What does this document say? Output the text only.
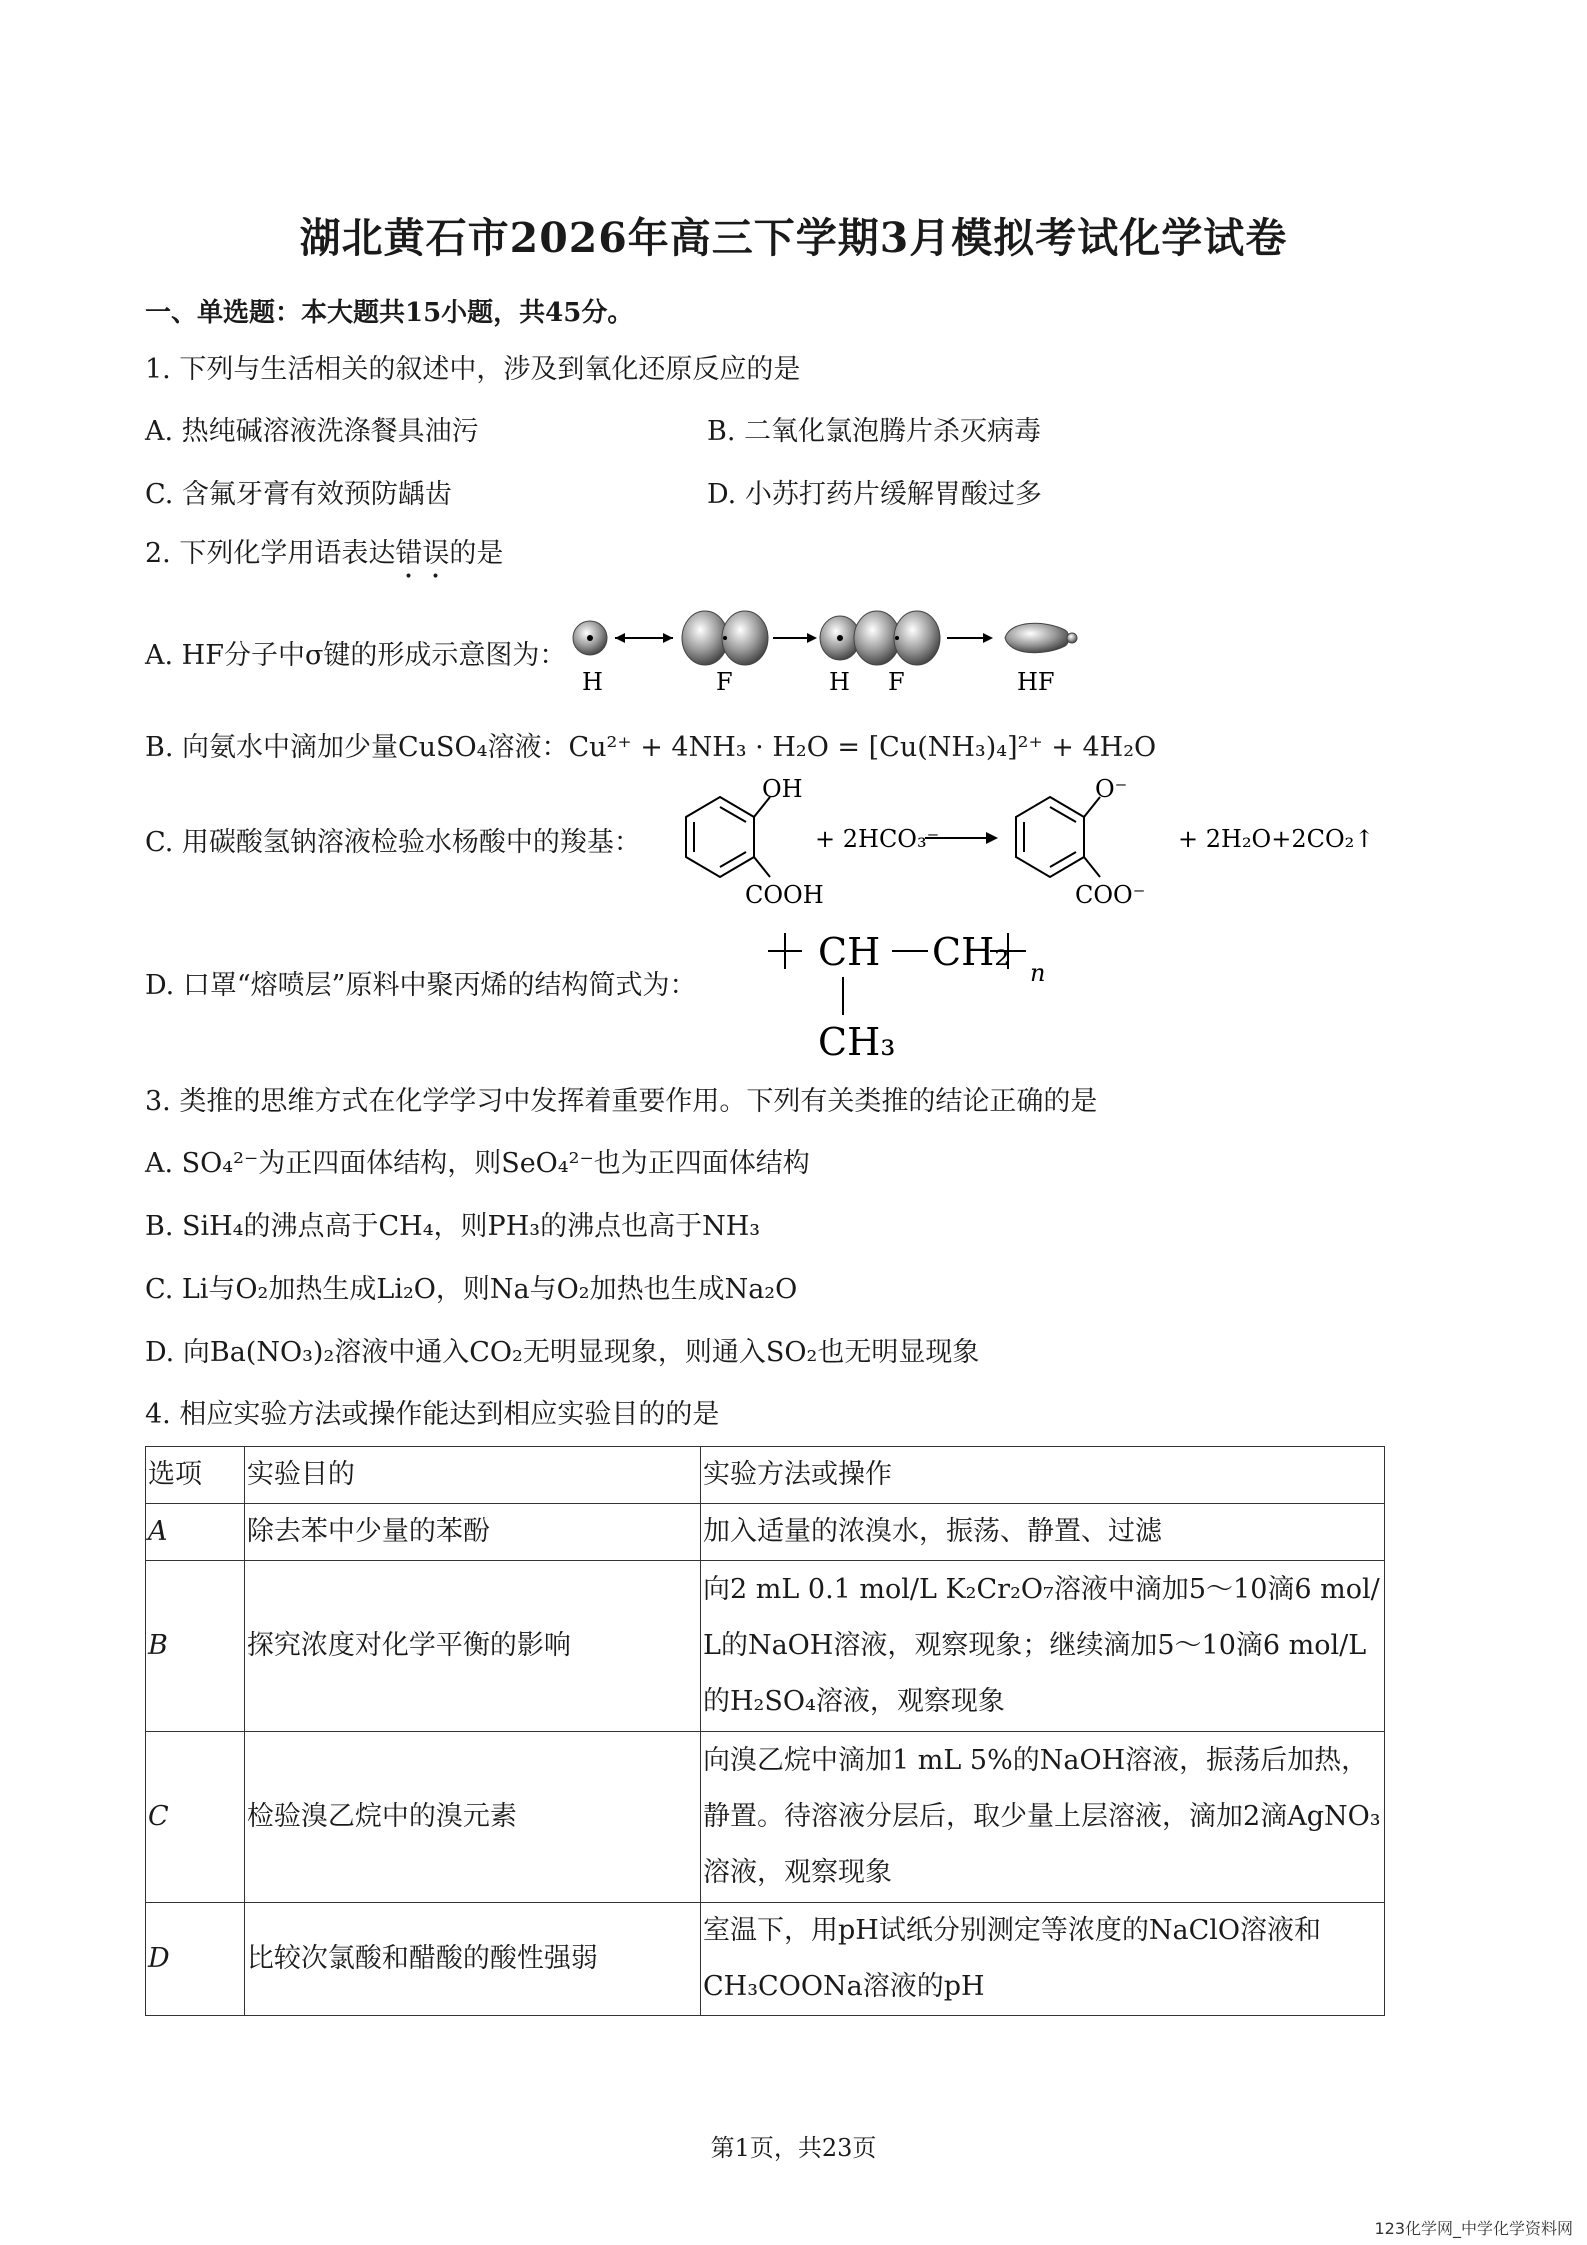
湖北黄石市2026年高三下学期3月模拟考试化学试卷
一、单选题：本大题共15小题，共45分。
1. 下列与生活相关的叙述中，涉及到氧化还原反应的是
A. 热纯碱溶液洗涤餐具油污	B. 二氧化氯泡腾片杀灭病毒
C. 含氟牙膏有效预防龋齿	D. 小苏打药片缓解胃酸过多
2. 下列化学用语表达错误的是
A. HF分子中σ键的形成示意图为：
H	F	H F	HF
B. 向氨水中滴加少量CuSO₄溶液：Cu²⁺ + 4NH₃ · H₂O = [Cu(NH₃)₄]²⁺ + 4H₂O
C. 用碳酸氢钠溶液检验水杨酸中的羧基：
OH
COOH
+ 2HCO₃⁻
O⁻
COO⁻
+ 2H₂O+2CO₂↑
D. 口罩“熔喷层”原料中聚丙烯的结构简式为：
CH CH₂ n
CH₃
3. 类推的思维方式在化学学习中发挥着重要作用。下列有关类推的结论正确的是
A. SO₄²⁻为正四面体结构，则SeO₄²⁻也为正四面体结构
B. SiH₄的沸点高于CH₄，则PH₃的沸点也高于NH₃
C. Li与O₂加热生成Li₂O，则Na与O₂加热也生成Na₂O
D. 向Ba(NO₃)₂溶液中通入CO₂无明显现象，则通入SO₂也无明显现象
4. 相应实验方法或操作能达到相应实验目的的是
选项	实验目的	实验方法或操作
A	除去苯中少量的苯酚	加入适量的浓溴水，振荡、静置、过滤

B	探究浓度对化学平衡的影响	向2 mL 0.1 mol/L K₂Cr₂O₇溶液中滴加5～10滴6 mol/
L的NaOH溶液，观察现象；继续滴加5～10滴6 mol/L
的H₂SO₄溶液，观察现象

C	检验溴乙烷中的溴元素	向溴乙烷中滴加1 mL 5%的NaOH溶液，振荡后加热，
静置。待溶液分层后，取少量上层溶液，滴加2滴AgNO₃
溶液，观察现象

D	比较次氯酸和醋酸的酸性强弱	室温下，用pH试纸分别测定等浓度的NaClO溶液和
CH₃COONa溶液的pH
第1页，共23页
123化学网_中学化学资料网
